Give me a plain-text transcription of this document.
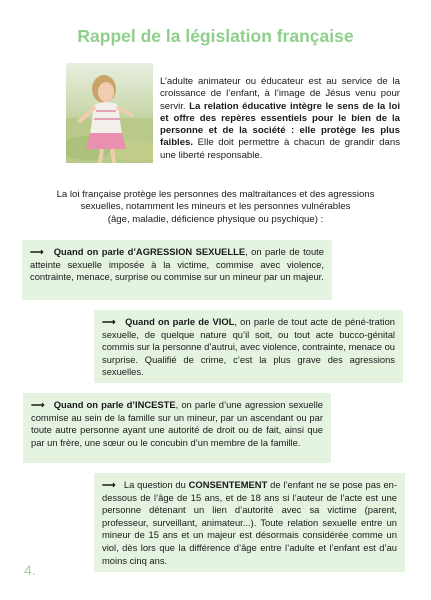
Rappel de la législation française
L’adulte animateur ou éducateur est au service de la croissance de l’enfant, à l’image de Jésus venu pour servir. La relation éducative intègre le sens de la loi et offre des repères essentiels pour le bien de la personne et de la société : elle protège les plus faibles. Elle doit permettre à chacun de grandir dans une liberté responsable.
La loi française protège les personnes des maltraitances et des agressions
sexuelles, notamment les mineurs et les personnes vulnérables
(âge, maladie, déficience physique ou psychique) :
⟶ Quand on parle d’AGRESSION SEXUELLE, on parle de toute atteinte sexuelle imposée à la victime, commise avec violence, contrainte, menace, surprise ou commise sur un mineur par un majeur.
⟶ Quand on parle de VIOL, on parle de tout acte de péné-tration sexuelle, de quelque nature qu’il soit, ou tout acte bucco-génital commis sur la personne d’autrui, avec violence, contrainte, menace ou surprise. Qualifié de crime, c’est la plus grave des agressions sexuelles.
⟶ Quand on parle d’INCESTE, on parle d’une agression sexuelle commise au sein de la famille sur un mineur, par un ascendant ou par toute autre personne ayant une autorité de droit ou de fait, ainsi que par un frère, une sœur ou le concubin d’un membre de la famille.
⟶ La question du CONSENTEMENT de l’enfant ne se pose pas en-dessous de l’âge de 15 ans, et de 18 ans si l’auteur de l’acte est une personne détenant un lien d’autorité avec sa victime (parent, professeur, surveillant, animateur...). Toute relation sexuelle entre un mineur de 15 ans et un majeur est désormais considérée comme un viol, dès lors que la différence d’âge entre l’adulte et l’enfant est d’au moins cinq ans.
4.
